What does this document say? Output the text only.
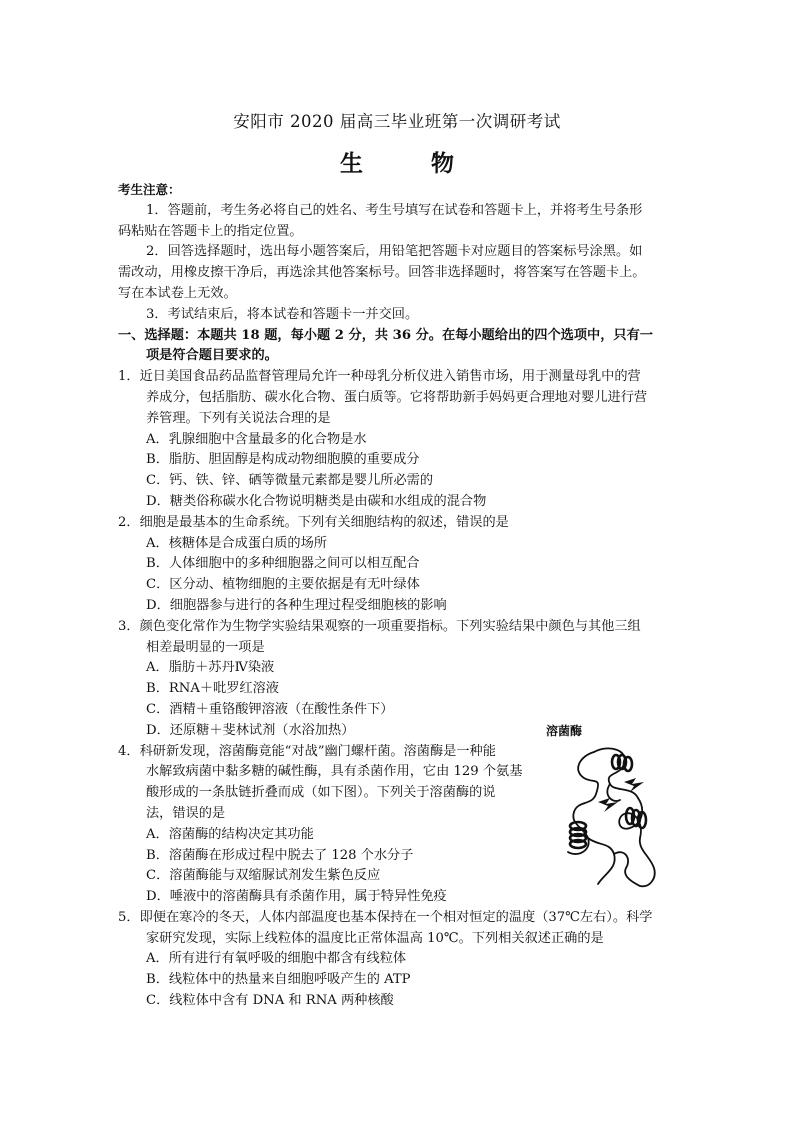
安阳市 2020 届高三毕业班第一次调研考试
生 物
考生注意：
1．答题前，考生务必将自己的姓名、考生号填写在试卷和答题卡上，并将考生号条形
码粘贴在答题卡上的指定位置。
2．回答选择题时，选出每小题答案后，用铅笔把答题卡对应题目的答案标号涂黑。如
需改动，用橡皮擦干净后，再选涂其他答案标号。回答非选择题时，将答案写在答题卡上。
写在本试卷上无效。
3．考试结束后，将本试卷和答题卡一并交回。
一、选择题：本题共 18 题，每小题 2 分，共 36 分。在每小题给出的四个选项中，只有一
项是符合题目要求的。
1．近日美国食品药品监督管理局允许一种母乳分析仪进入销售市场，用于测量母乳中的营
养成分，包括脂肪、碳水化合物、蛋白质等。它将帮助新手妈妈更合理地对婴儿进行营
养管理。下列有关说法合理的是
A．乳腺细胞中含量最多的化合物是水
B．脂肪、胆固醇是构成动物细胞膜的重要成分
C．钙、铁、锌、硒等微量元素都是婴儿所必需的
D．糖类俗称碳水化合物说明糖类是由碳和水组成的混合物
2．细胞是最基本的生命系统。下列有关细胞结构的叙述，错误的是
A．核糖体是合成蛋白质的场所
B．人体细胞中的多种细胞器之间可以相互配合
C．区分动、植物细胞的主要依据是有无叶绿体
D．细胞器参与进行的各种生理过程受细胞核的影响
3．颜色变化常作为生物学实验结果观察的一项重要指标。下列实验结果中颜色与其他三组
相差最明显的一项是
A．脂肪＋苏丹Ⅳ染液
B．RNA＋吡罗红溶液
C．酒精＋重铬酸钾溶液（在酸性条件下）
D．还原糖＋斐林试剂（水浴加热）
4．科研新发现，溶菌酶竟能“对战”幽门螺杆菌。溶菌酶是一种能
水解致病菌中黏多糖的碱性酶，具有杀菌作用，它由 129 个氨基
酸形成的一条肽链折叠而成（如下图）。下列关于溶菌酶的说
法，错误的是
A．溶菌酶的结构决定其功能
B．溶菌酶在形成过程中脱去了 128 个水分子
C．溶菌酶能与双缩脲试剂发生紫色反应
D．唾液中的溶菌酶具有杀菌作用，属于特异性免疫
5．即便在寒冷的冬天，人体内部温度也基本保持在一个相对恒定的温度（37℃左右）。科学
家研究发现，实际上线粒体的温度比正常体温高 10℃。下列相关叙述正确的是
A．所有进行有氧呼吸的细胞中都含有线粒体
B．线粒体中的热量来自细胞呼吸产生的 ATP
C．线粒体中含有 DNA 和 RNA 两种核酸
溶菌酶
